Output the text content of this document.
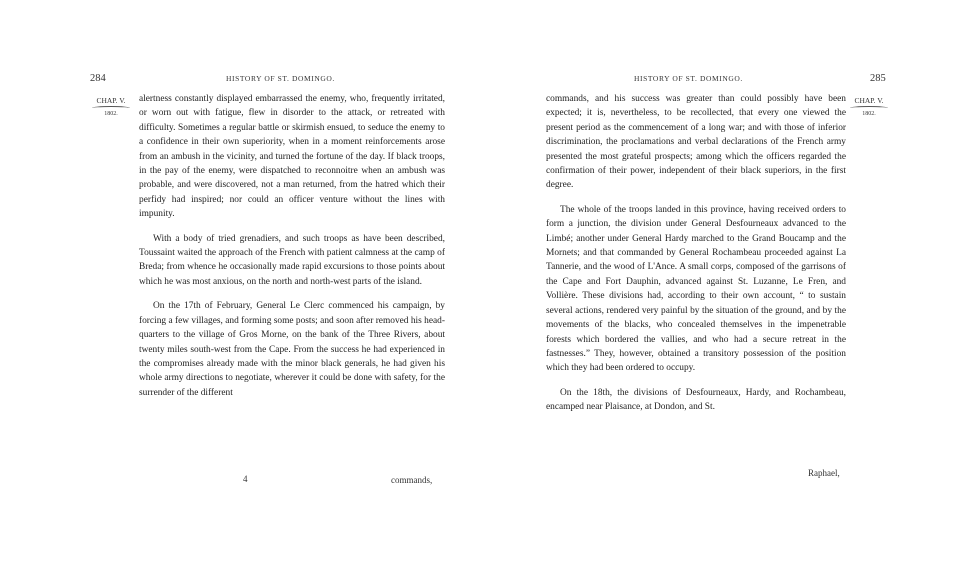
284	HISTORY OF ST. DOMINGO.
CHAP. V.
1802.

alertness constantly displayed embarrassed the enemy, who, frequently irritated, or worn out with fatigue, flew in disorder to the attack, or retreated with difficulty. Sometimes a regular battle or skirmish ensued, to seduce the enemy to a confidence in their own superiority, when in a moment reinforcements arose from an ambush in the vicinity, and turned the fortune of the day. If black troops, in the pay of the enemy, were dispatched to reconnoitre when an ambush was probable, and were discovered, not a man returned, from the hatred which their perfidy had inspired; nor could an officer venture without the lines with impunity.

With a body of tried grenadiers, and such troops as have been described, Toussaint waited the approach of the French with patient calmness at the camp of Breda; from whence he occasionally made rapid excursions to those points about which he was most anxious, on the north and north-west parts of the island.

On the 17th of February, General Le Clerc commenced his campaign, by forcing a few villages, and forming some posts; and soon after removed his head-quarters to the village of Gros Morne, on the bank of the Three Rivers, about twenty miles south-west from the Cape. From the success he had experienced in the compromises already made with the minor black generals, he had given his whole army directions to negotiate, wherever it could be done with safety, for the surrender of the different

4	commands,
HISTORY OF ST. DOMINGO.	285
CHAP. V.
1802.

commands, and his success was greater than could possibly have been expected; it is, nevertheless, to be recollected, that every one viewed the present period as the commencement of a long war; and with those of inferior discrimination, the proclamations and verbal declarations of the French army presented the most grateful prospects; among which the officers regarded the confirmation of their power, independent of their black superiors, in the first degree.

The whole of the troops landed in this province, having received orders to form a junction, the division under General Desfourneaux advanced to the Limbé; another under General Hardy marched to the Grand Boucamp and the Mornets; and that commanded by General Rochambeau proceeded against La Tannerie, and the wood of L'Ance. A small corps, composed of the garrisons of the Cape and Fort Dauphin, advanced against St. Luzanne, Le Fren, and Vollière. These divisions had, according to their own account, “ to sustain several actions, rendered very painful by the situation of the ground, and by the movements of the blacks, who concealed themselves in the impenetrable forests which bordered the vallies, and who had a secure retreat in the fastnesses.” They, however, obtained a transitory possession of the position which they had been ordered to occupy.

On the 18th, the divisions of Desfourneaux, Hardy, and Rochambeau, encamped near Plaisance, at Dondon, and St.

Raphael,
